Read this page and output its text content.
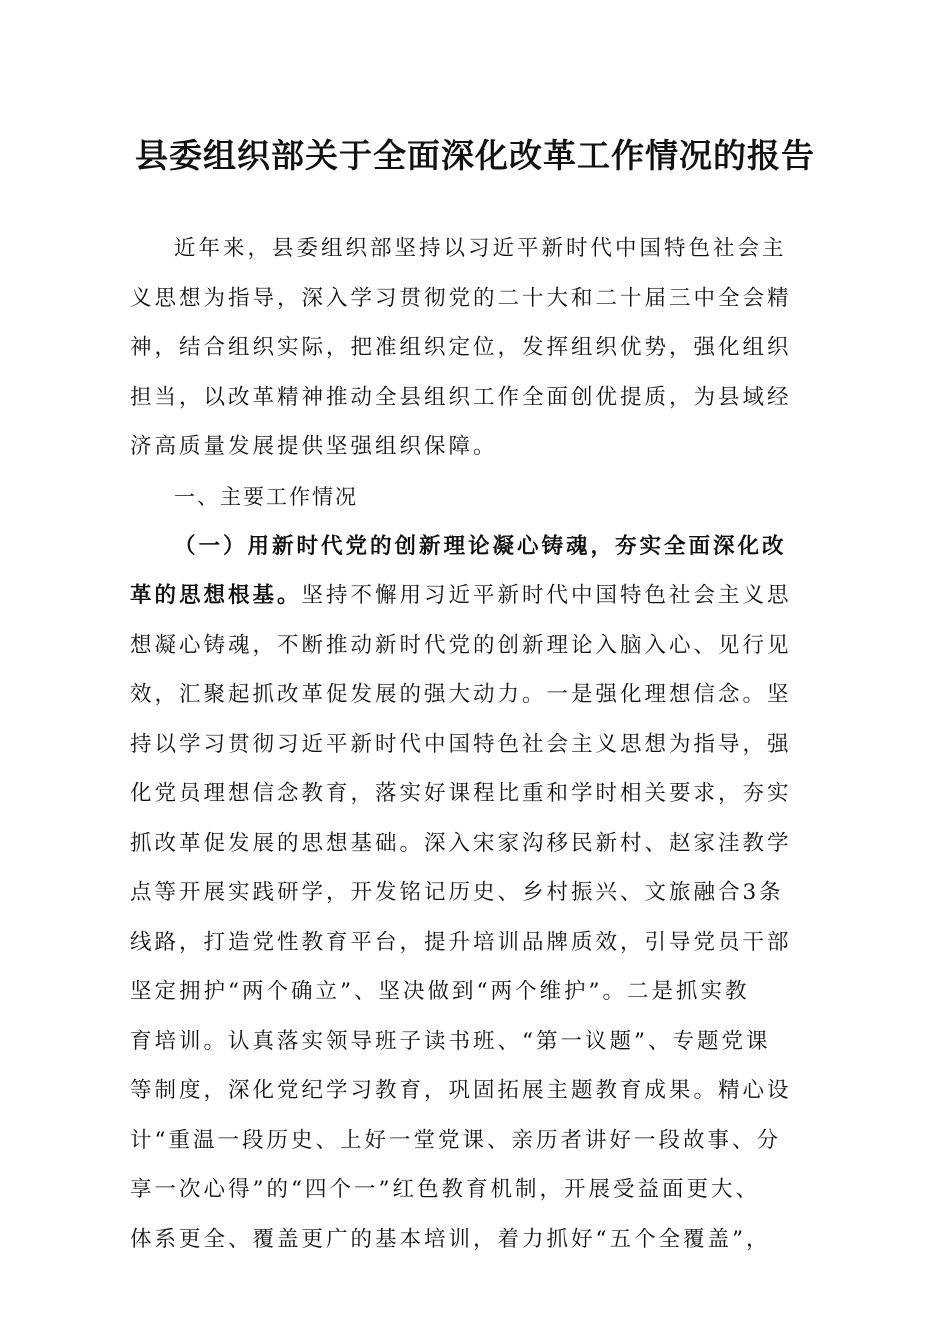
县委组织部关于全面深化改革工作情况的报告

近年来，县委组织部坚持以习近平新时代中国特色社会主

义思想为指导，深入学习贯彻党的二十大和二十届三中全会精

神，结合组织实际，把准组织定位，发挥组织优势，强化组织

担当，以改革精神推动全县组织工作全面创优提质，为县域经

济高质量发展提供坚强组织保障。

一、主要工作情况

（一）用新时代党的创新理论凝心铸魂，夯实全面深化改

革的思想根基。坚持不懈用习近平新时代中国特色社会主义思

想凝心铸魂，不断推动新时代党的创新理论入脑入心、见行见

效，汇聚起抓改革促发展的强大动力。一是强化理想信念。坚

持以学习贯彻习近平新时代中国特色社会主义思想为指导，强

化党员理想信念教育，落实好课程比重和学时相关要求，夯实

抓改革促发展的思想基础。深入宋家沟移民新村、赵家洼教学

点等开展实践研学，开发铭记历史、乡村振兴、文旅融合3条

线路，打造党性教育平台，提升培训品牌质效，引导党员干部

坚定拥护“两个确立”、坚决做到“两个维护”。二是抓实教

育培训。认真落实领导班子读书班、“第一议题”、专题党课

等制度，深化党纪学习教育，巩固拓展主题教育成果。精心设

计“重温一段历史、上好一堂党课、亲历者讲好一段故事、分

享一次心得”的“四个一”红色教育机制，开展受益面更大、

体系更全、覆盖更广的基本培训，着力抓好“五个全覆盖”，
